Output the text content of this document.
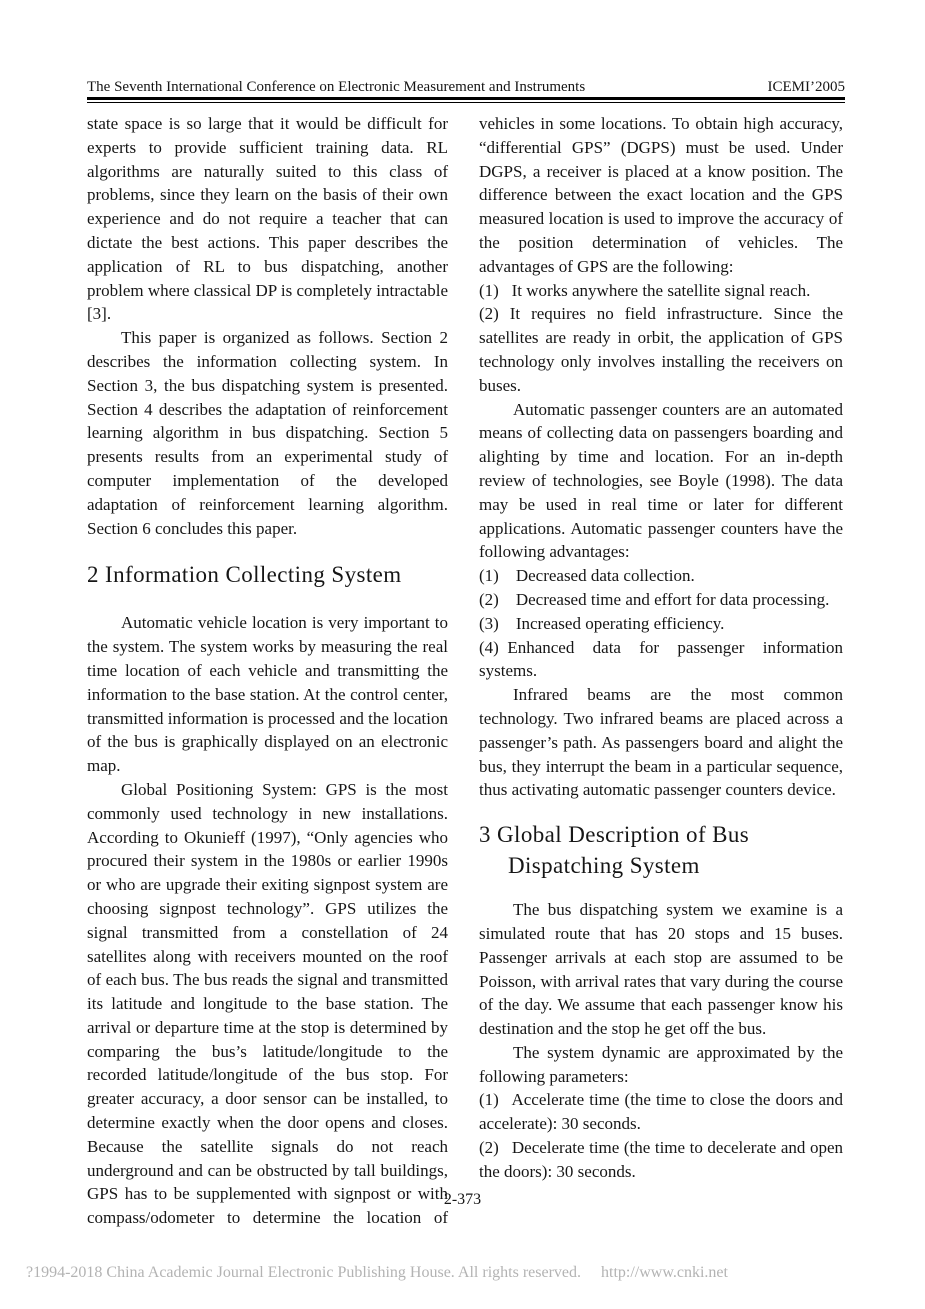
The Seventh International Conference on Electronic Measurement and Instruments	ICEMI’2005

state space is so large that it would be difficult for experts to provide sufficient training data. RL algorithms are naturally suited to this class of problems, since they learn on the basis of their own experience and do not require a teacher that can dictate the best actions. This paper describes the application of RL to bus dispatching, another problem where classical DP is completely intractable [3].

This paper is organized as follows. Section 2 describes the information collecting system. In Section 3, the bus dispatching system is presented. Section 4 describes the adaptation of reinforcement learning algorithm in bus dispatching. Section 5 presents results from an experimental study of computer implementation of the developed adaptation of reinforcement learning algorithm. Section 6 concludes this paper.

2 Information Collecting System

Automatic vehicle location is very important to the system. The system works by measuring the real time location of each vehicle and transmitting the information to the base station. At the control center, transmitted information is processed and the location of the bus is graphically displayed on an electronic map.

Global Positioning System: GPS is the most commonly used technology in new installations. According to Okunieff (1997), “Only agencies who procured their system in the 1980s or earlier 1990s or who are upgrade their exiting signpost system are choosing signpost technology”. GPS utilizes the signal transmitted from a constellation of 24 satellites along with receivers mounted on the roof of each bus. The bus reads the signal and transmitted its latitude and longitude to the base station. The arrival or departure time at the stop is determined by comparing the bus’s latitude/longitude to the recorded latitude/longitude of the bus stop. For greater accuracy, a door sensor can be installed, to determine exactly when the door opens and closes. Because the satellite signals do not reach underground and can be obstructed by tall buildings, GPS has to be supplemented with signpost or with compass/odometer to determine the location of

vehicles in some locations. To obtain high accuracy, “differential GPS” (DGPS) must be used. Under DGPS, a receiver is placed at a know position. The difference between the exact location and the GPS measured location is used to improve the accuracy of the position determination of vehicles. The advantages of GPS are the following:

(1)  It works anywhere the satellite signal reach.

(2) It requires no field infrastructure. Since the satellites are ready in orbit, the application of GPS technology only involves installing the receivers on buses.

Automatic passenger counters are an automated means of collecting data on passengers boarding and alighting by time and location. For an in-depth review of technologies, see Boyle (1998). The data may be used in real time or later for different applications. Automatic passenger counters have the following advantages:

(1)  Decreased data collection.

(2)  Decreased time and effort for data processing.

(3)  Increased operating efficiency.

(4) Enhanced data for passenger information systems.

Infrared beams are the most common technology. Two infrared beams are placed across a passenger’s path. As passengers board and alight the bus, they interrupt the beam in a particular sequence, thus activating automatic passenger counters device.

3 Global Description of Bus Dispatching System

The bus dispatching system we examine is a simulated route that has 20 stops and 15 buses. Passenger arrivals at each stop are assumed to be Poisson, with arrival rates that vary during the course of the day. We assume that each passenger know his destination and the stop he get off the bus.

The system dynamic are approximated by the following parameters:

(1)  Accelerate time (the time to close the doors and accelerate): 30 seconds.

(2)  Decelerate time (the time to decelerate and open the doors): 30 seconds.

2-373
?1994-2018 China Academic Journal Electronic Publishing House. All rights reserved.  http://www.cnki.net
